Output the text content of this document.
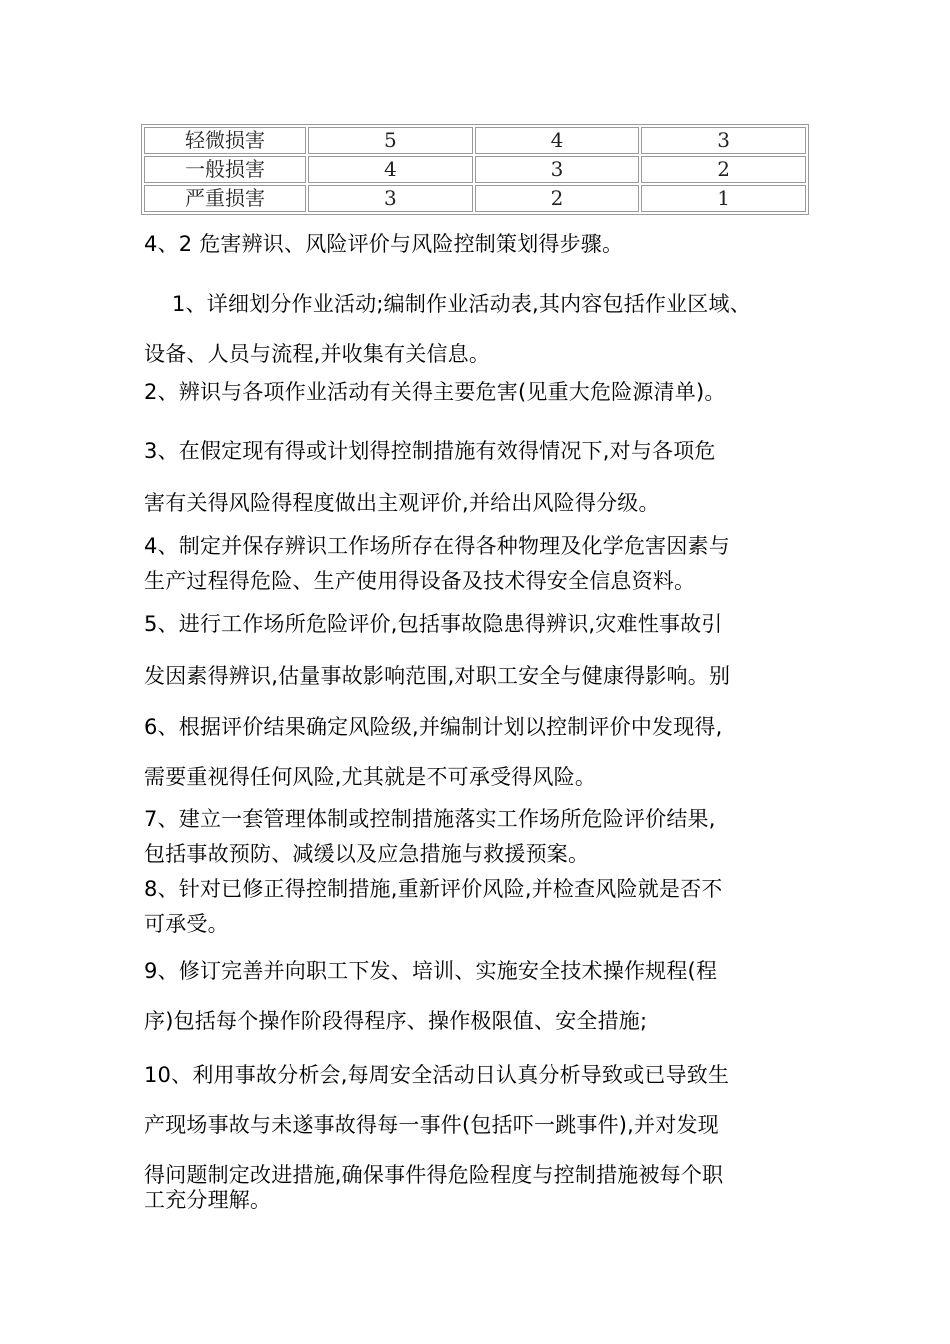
轻微损害	5	4	3
一般损害	4	3	2
严重损害	3	2	1

4、2 危害辨识、风险评价与风险控制策划得步骤。

1、详细划分作业活动;编制作业活动表,其内容包括作业区域、
设备、人员与流程,并收集有关信息。

2、辨识与各项作业活动有关得主要危害(见重大危险源清单)。

3、在假定现有得或计划得控制措施有效得情况下,对与各项危
害有关得风险得程度做出主观评价,并给出风险得分级。

4、制定并保存辨识工作场所存在得各种物理及化学危害因素与
生产过程得危险、生产使用得设备及技术得安全信息资料。

5、进行工作场所危险评价,包括事故隐患得辨识,灾难性事故引
发因素得辨识,估量事故影响范围,对职工安全与健康得影响。别

6、根据评价结果确定风险级,并编制计划以控制评价中发现得,
需要重视得任何风险,尤其就是不可承受得风险。

7、建立一套管理体制或控制措施落实工作场所危险评价结果,
包括事故预防、减缓以及应急措施与救援预案。

8、针对已修正得控制措施,重新评价风险,并检查风险就是否不
可承受。

9、修订完善并向职工下发、培训、实施安全技术操作规程(程
序)包括每个操作阶段得程序、操作极限值、安全措施;

10、利用事故分析会,每周安全活动日认真分析导致或已导致生
产现场事故与未遂事故得每一事件(包括吓一跳事件),并对发现
得问题制定改进措施,确保事件得危险程度与控制措施被每个职

工充分理解。
